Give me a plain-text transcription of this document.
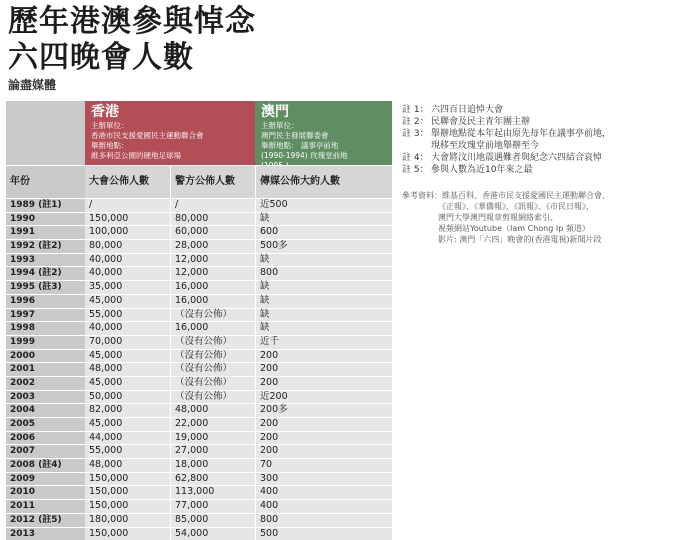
歷年港澳參與悼念
六四晚會人數
論盡媒體
香港
主辦單位：
香港市民支援愛國民主運動聯合會
舉辦地點：
維多利亞公園的硬地足球場
澳門
主辦單位：
澳門民主發展聯委會
舉辦地點： 議事亭前地
(1990-1994) 玫瑰堂前地
年份	大會公佈人數	警方公佈人數	傳媒公佈大約人數
1989 (註1)	/	/	近500
1990	150,000	80,000	缺
1991	100,000	60,000	600
1992 (註2)	80,000	28,000	500多
1993	40,000	12,000	缺
1994 (註2)	40,000	12,000	800
1995 (註3)	35,000	16,000	缺
1996	45,000	16,000	缺
1997	55,000	（沒有公佈）	缺
1998	40,000	16,000	缺
1999	70,000	（沒有公佈）	近千
2000	45,000	（沒有公佈）	200
2001	48,000	（沒有公佈）	200
2002	45,000	（沒有公佈）	200
2003	50,000	（沒有公佈）	近200
2004	82,000	48,000	200多
2005	45,000	22,000	200
2006	44,000	19,000	200
2007	55,000	27,000	200
2008 (註4)	48,000	18,000	70
2009	150,000	62,800	300
2010	150,000	113,000	400
2011	150,000	77,000	400
2012 (註5)	180,000	85,000	800
2013	150,000	54,000	500
註 1： 六四百日追悼大會
註 2： 民聯會及民主青年團主辦
註 3： 舉辦地點從本年起由原先每年在議事亭前地，
現移至玫瑰堂前地舉辦至今
註 4： 大會將汶川地震遇難者與紀念六四結合哀悼
註 5： 參與人數為近10年來之最
參考資料：維基百科、香港市民支援愛國民主運動聯合會、
《正報》、《華僑報》、《訊報》、《市民日報》、
澳門大學澳門報章剪報網絡索引、
視頻網站Youtube（Iam Chong Ip 頻道）
影片: 澳門「六四」晚會的(香港電視)新聞片段
